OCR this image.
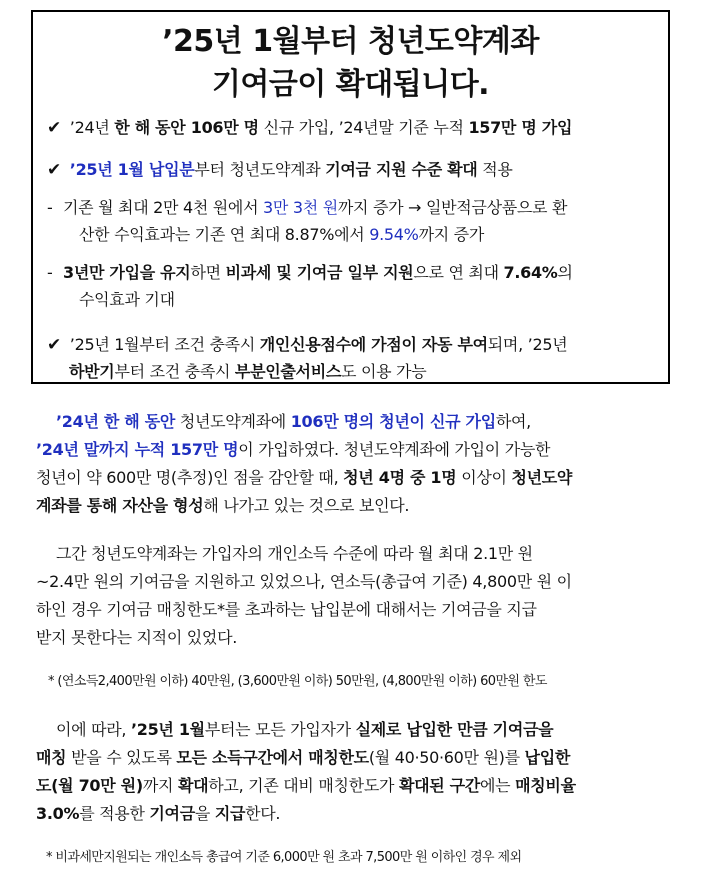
’25년 1월부터 청년도약계좌
기여금이 확대됩니다.
✔ ’24년 한 해 동안 106만 명 신규 가입, ’24년말 기준 누적 157만 명 가입
✔ ’25년 1월 납입분부터 청년도약계좌 기여금 지원 수준 확대 적용
- 기존 월 최대 2만 4천 원에서 3만 3천 원까지 증가 → 일반적금상품으로 환
산한 수익효과는 기존 연 최대 8.87%에서 9.54%까지 증가
- 3년만 가입을 유지하면 비과세 및 기여금 일부 지원으로 연 최대 7.64%의
수익효과 기대
✔ ’25년 1월부터 조건 충족시 개인신용점수에 가점이 자동 부여되며, ’25년
하반기부터 조건 충족시 부분인출서비스도 이용 가능
’24년 한 해 동안 청년도약계좌에 106만 명의 청년이 신규 가입하여,
’24년 말까지 누적 157만 명이 가입하였다. 청년도약계좌에 가입이 가능한
청년이 약 600만 명(추정)인 점을 감안할 때, 청년 4명 중 1명 이상이 청년도약
계좌를 통해 자산을 형성해 나가고 있는 것으로 보인다.
그간 청년도약계좌는 가입자의 개인소득 수준에 따라 월 최대 2.1만 원
~2.4만 원의 기여금을 지원하고 있었으나, 연소득(총급여 기준) 4,800만 원 이
하인 경우 기여금 매칭한도*를 초과하는 납입분에 대해서는 기여금을 지급
받지 못한다는 지적이 있었다.
* (연소득2,400만원 이하) 40만원, (3,600만원 이하) 50만원, (4,800만원 이하) 60만원 한도
이에 따라, ’25년 1월부터는 모든 가입자가 실제로 납입한 만큼 기여금을
매칭 받을 수 있도록 모든 소득구간에서 매칭한도(월 40·50·60만 원)를 납입한
도(월 70만 원)까지 확대하고, 기존 대비 매칭한도가 확대된 구간에는 매칭비율
3.0%를 적용한 기여금을 지급한다.
* 비과세만지원되는 개인소득 총급여 기준 6,000만 원 초과 7,500만 원 이하인 경우 제외
